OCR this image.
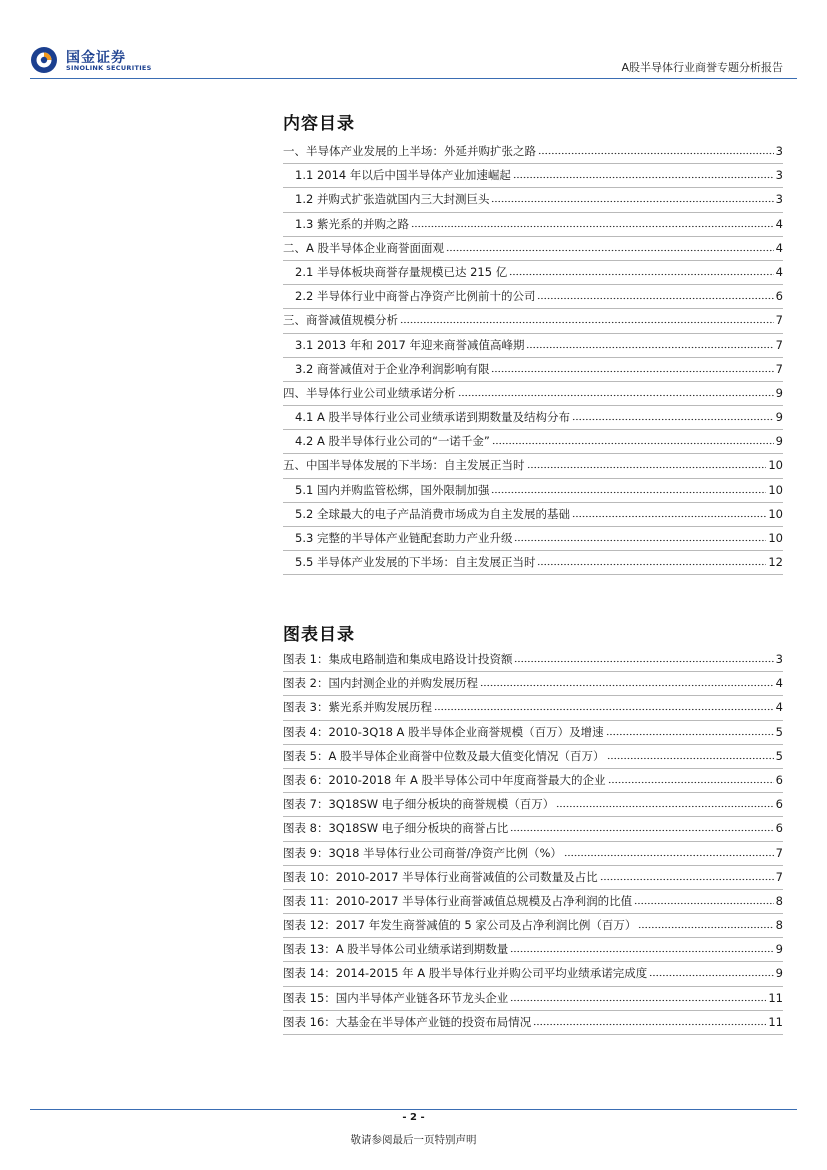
国金证券
SINOLINK SECURITIES	A股半导体行业商誉专题分析报告
内容目录
一、半导体产业发展的上半场：外延并购扩张之路	3
1.1 2014 年以后中国半导体产业加速崛起	3
1.2 并购式扩张造就国内三大封测巨头	3
1.3 紫光系的并购之路	4
二、A 股半导体企业商誉面面观	4
2.1 半导体板块商誉存量规模已达 215 亿	4
2.2 半导体行业中商誉占净资产比例前十的公司	6
三、商誉减值规模分析	7
3.1 2013 年和 2017 年迎来商誉减值高峰期	7
3.2 商誉减值对于企业净利润影响有限	7
四、半导体行业公司业绩承诺分析	9
4.1 A 股半导体行业公司业绩承诺到期数量及结构分布	9
4.2 A 股半导体行业公司的“一诺千金”	9
五、中国半导体发展的下半场：自主发展正当时	10
5.1 国内并购监管松绑，国外限制加强	10
5.2 全球最大的电子产品消费市场成为自主发展的基础	10
5.3 完整的半导体产业链配套助力产业升级	10
5.5 半导体产业发展的下半场：自主发展正当时	12
图表目录
图表 1：集成电路制造和集成电路设计投资额	3
图表 2：国内封测企业的并购发展历程	4
图表 3：紫光系并购发展历程	4
图表 4：2010-3Q18 A 股半导体企业商誉规模（百万）及增速	5
图表 5：A 股半导体企业商誉中位数及最大值变化情况（百万）	5
图表 6：2010-2018 年 A 股半导体公司中年度商誉最大的企业	6
图表 7：3Q18SW 电子细分板块的商誉规模（百万）	6
图表 8：3Q18SW 电子细分板块的商誉占比	6
图表 9：3Q18 半导体行业公司商誉/净资产比例（%）	7
图表 10：2010-2017 半导体行业商誉减值的公司数量及占比	7
图表 11：2010-2017 半导体行业商誉减值总规模及占净利润的比值	8
图表 12：2017 年发生商誉减值的 5 家公司及占净利润比例（百万）	8
图表 13：A 股半导体公司业绩承诺到期数量	9
图表 14：2014-2015 年 A 股半导体行业并购公司平均业绩承诺完成度	9
图表 15：国内半导体产业链各环节龙头企业	11
图表 16：大基金在半导体产业链的投资布局情况	11
- 2 -
敬请参阅最后一页特别声明
